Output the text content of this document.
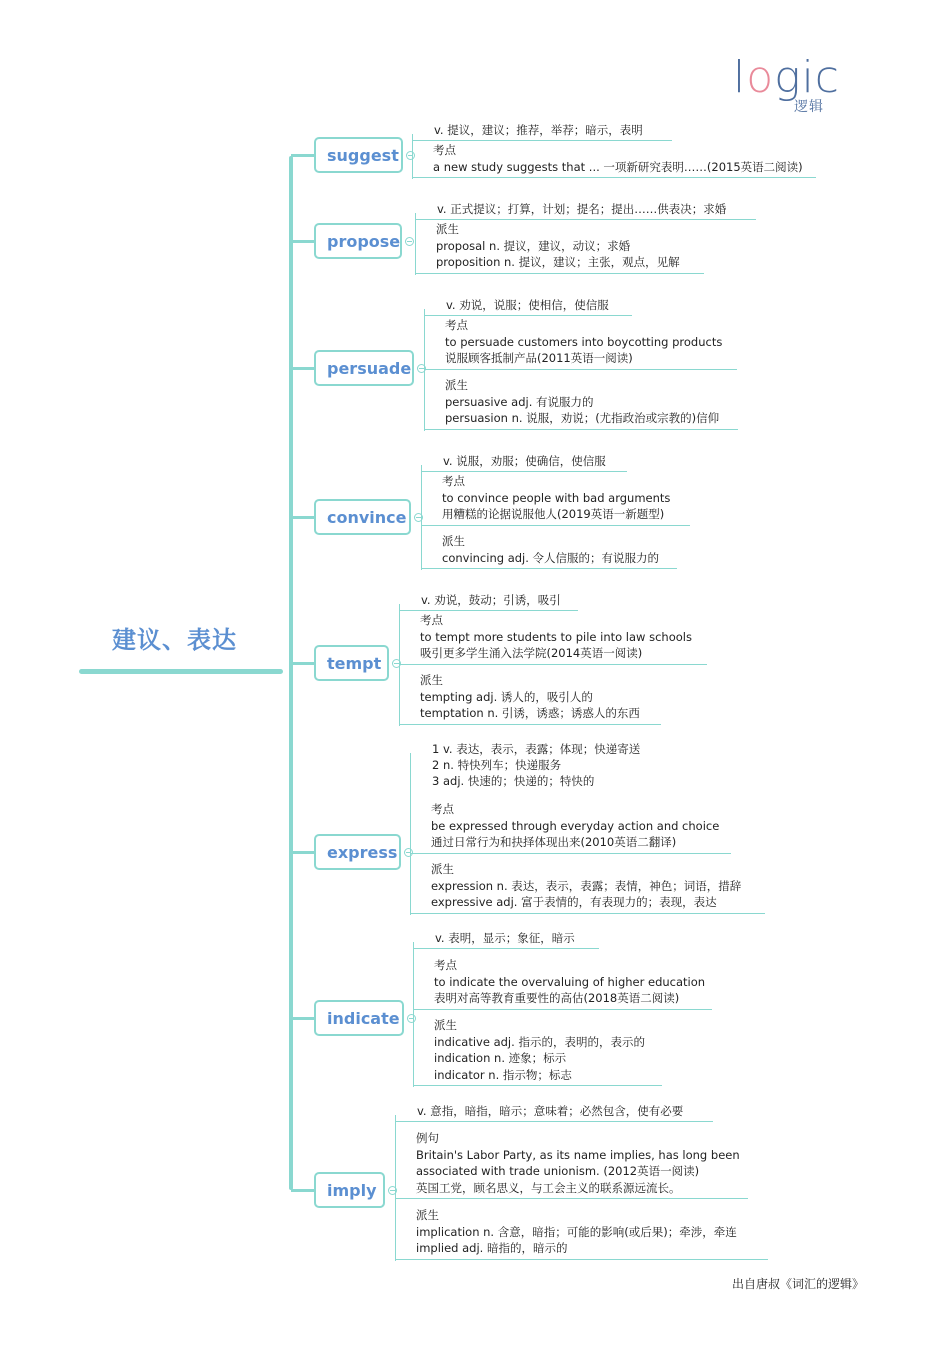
logic
逻辑
建议、表达
suggest
v. 提议，建议；推荐，举荐；暗示，表明
考点
a new study suggests that ... 一项新研究表明……(2015英语二阅读)
propose
v. 正式提议；打算，计划；提名；提出……供表决；求婚
派生
proposal n. 提议，建议，动议；求婚
proposition n. 提议，建议；主张，观点，见解
persuade
v. 劝说，说服；使相信，使信服
考点
to persuade customers into boycotting products
说服顾客抵制产品(2011英语一阅读)
派生
persuasive adj. 有说服力的
persuasion n. 说服，劝说；(尤指政治或宗教的)信仰
convince
v. 说服，劝服；使确信，使信服
考点
to convince people with bad arguments
用糟糕的论据说服他人(2019英语一新题型)
派生
convincing adj. 令人信服的；有说服力的
tempt
v. 劝说，鼓动；引诱，吸引
考点
to tempt more students to pile into law schools
吸引更多学生涌入法学院(2014英语一阅读)
派生
tempting adj. 诱人的，吸引人的
temptation n. 引诱，诱惑；诱惑人的东西
express
1 v. 表达，表示，表露；体现；快递寄送
2 n. 特快列车；快递服务
3 adj. 快速的；快递的；特快的
考点
be expressed through everyday action and choice
通过日常行为和抉择体现出来(2010英语二翻译)
派生
expression n. 表达，表示，表露；表情，神色；词语，措辞
expressive adj. 富于表情的，有表现力的；表现，表达
indicate
v. 表明，显示；象征，暗示
考点
to indicate the overvaluing of higher education
表明对高等教育重要性的高估(2018英语二阅读)
派生
indicative adj. 指示的，表明的，表示的
indication n. 迹象；标示
indicator n. 指示物；标志
imply
v. 意指，暗指，暗示；意味着；必然包含，使有必要
例句
Britain's Labor Party, as its name implies, has long been
associated with trade unionism. (2012英语一阅读)
英国工党，顾名思义，与工会主义的联系源远流长。
派生
implication n. 含意，暗指；可能的影响(或后果)；牵涉，牵连
implied adj. 暗指的，暗示的
出自唐叔《词汇的逻辑》
